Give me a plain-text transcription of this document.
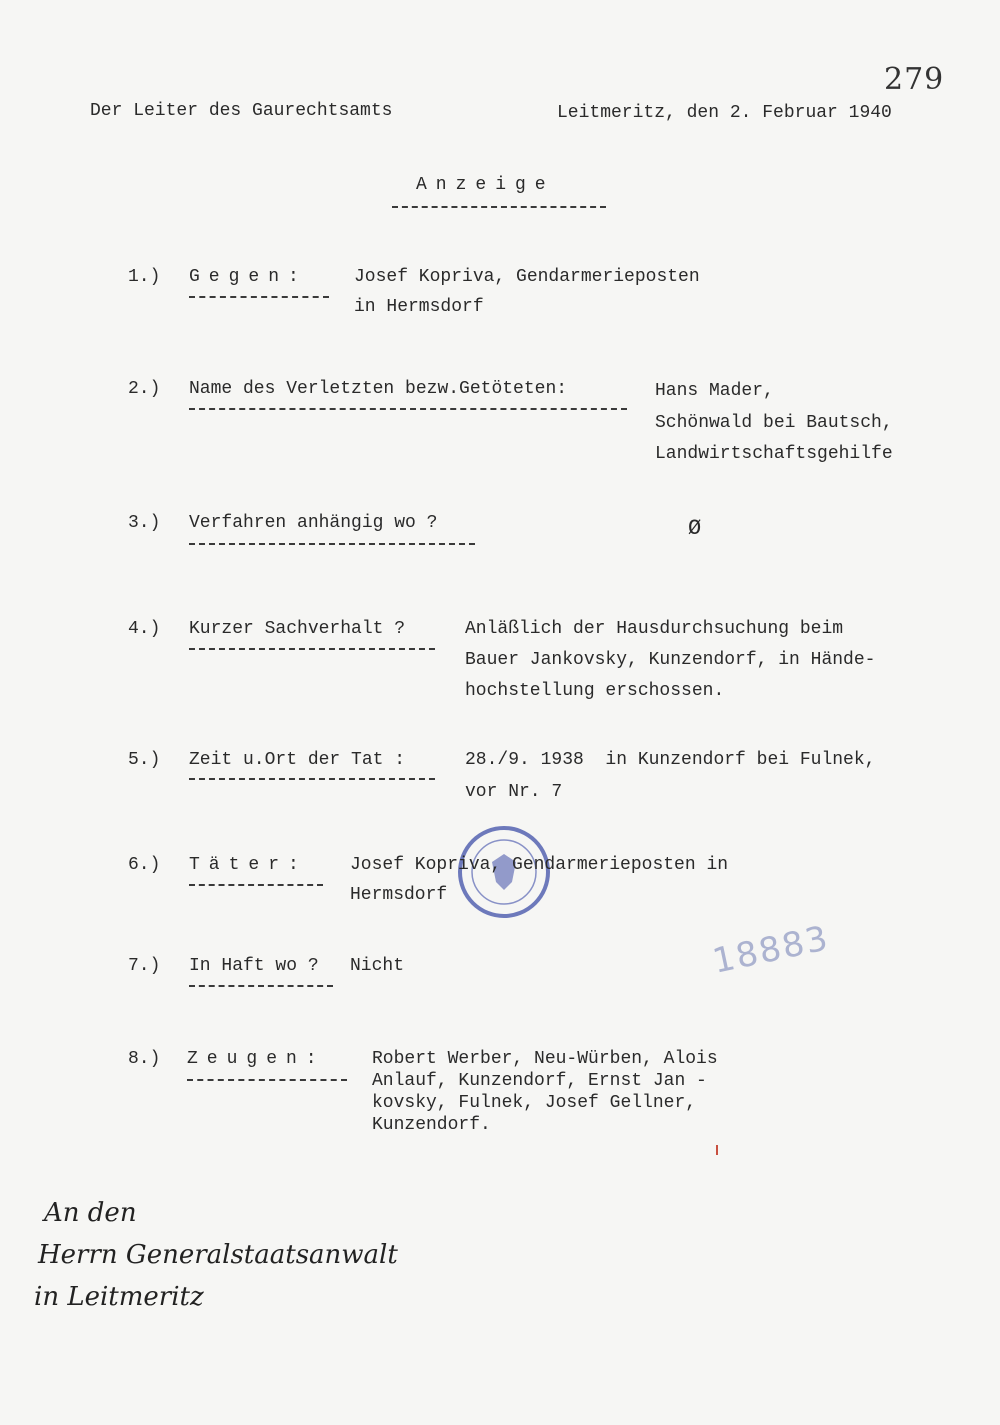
279
Der Leiter des Gaurechtsamts	Leitmeritz, den 2. Februar 1940
Anzeige
1.) Gegen:	Josef Kopriva, Gendarmerieposten
in Hermsdorf
2.) Name des Verletzten bezw.Getöteten:	Hans Mader,
Schönwald bei Bautsch,
Landwirtschaftsgehilfe
3.) Verfahren anhängig wo ?	Ø
4.) Kurzer Sachverhalt ?	Anläßlich der Hausdurchsuchung beim
Bauer Jankovsky, Kunzendorf, in Hände-
hochstellung erschossen.
5.) Zeit u.Ort der Tat :	28./9. 1938  in Kunzendorf bei Fulnek,
vor Nr. 7
6.) Täter: Josef Kopriva, Gendarmerieposten in
Hermsdorf
18883
7.) In Haft wo ? Nicht
8.) Zeugen:	Robert Werber, Neu-Würben, Alois
Anlauf, Kunzendorf, Ernst Jan -
kovsky, Fulnek, Josef Gellner,
Kunzendorf.
An den
Herrn Generalstaatsanwalt
in Leitmeritz
